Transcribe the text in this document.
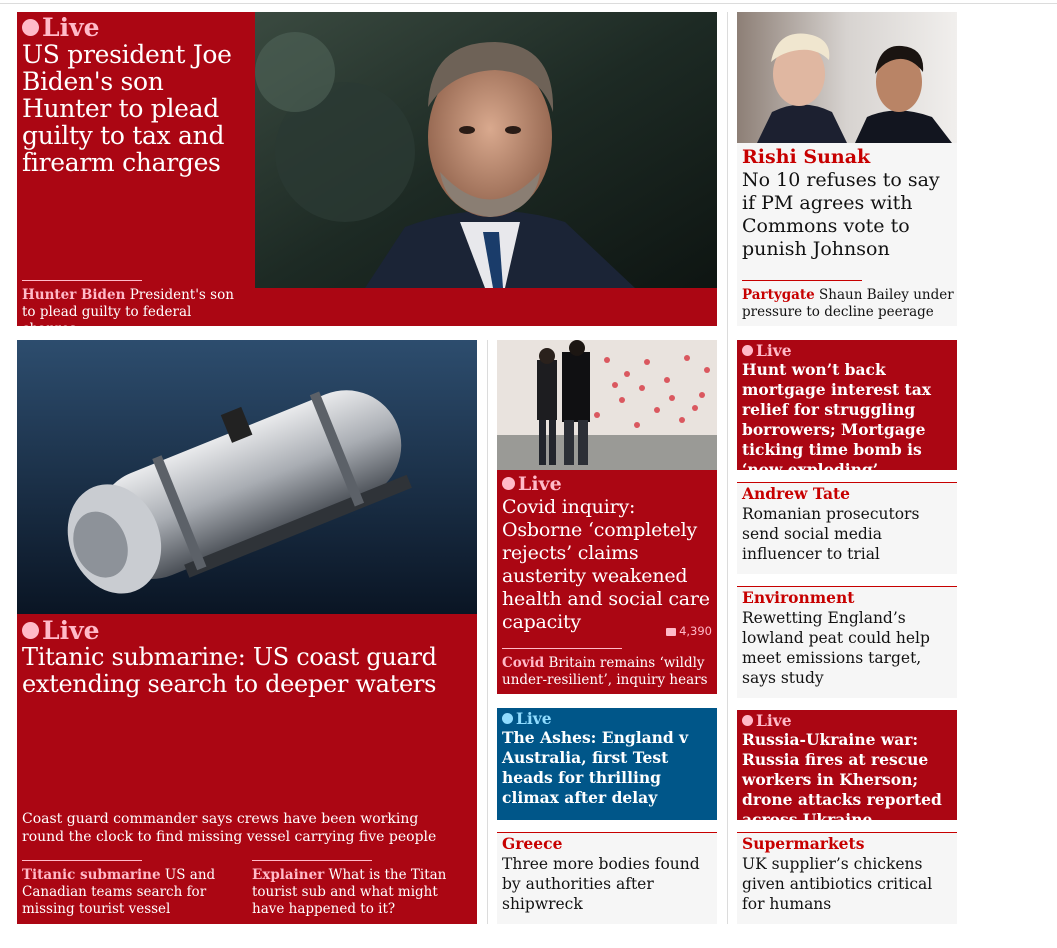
Live
US president Joe Biden's son Hunter to plead guilty to tax and firearm charges
Hunter Biden President's son to plead guilty to federal charges
Rishi Sunak
No 10 refuses to say if PM agrees with Commons vote to punish Johnson
Partygate Shaun Bailey under pressure to decline peerage
Live
Titanic submarine: US coast guard extending search to deeper waters
Coast guard commander says crews have been working round the clock to find missing vessel carrying five people
Titanic submarine US and Canadian teams search for missing tourist vessel
Explainer What is the Titan tourist sub and what might have happened to it?
Live
Covid inquiry: Osborne ‘completely rejects’ claims austerity weakened health and social care capacity	4,390
Covid Britain remains ‘wildly under-resilient’, inquiry hears
Live
Hunt won’t back mortgage interest tax relief for struggling borrowers; Mortgage ticking time bomb is ‘now exploding’
Andrew Tate
Romanian prosecutors send social media influencer to trial
Environment
Rewetting England’s lowland peat could help meet emissions target, says study
Live
The Ashes: England v Australia, first Test heads for thrilling climax after delay
Live
Russia-Ukraine war: Russia fires at rescue workers in Kherson; drone attacks reported across Ukraine
Greece
Three more bodies found by authorities after shipwreck
Supermarkets
UK supplier’s chickens given antibiotics critical for humans
